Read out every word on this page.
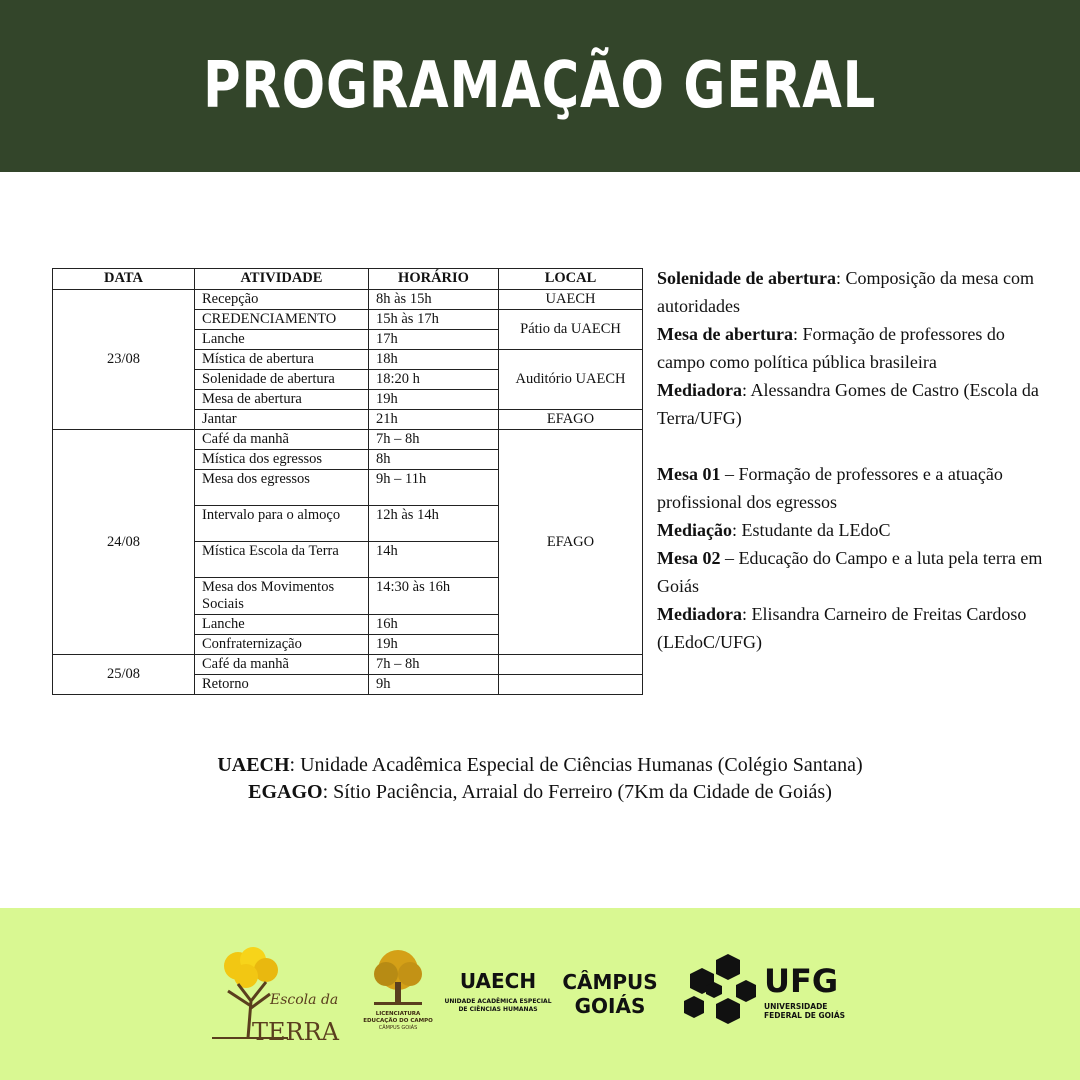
PROGRAMAÇÃO GERAL
DATA	ATIVIDADE	HORÁRIO	LOCAL
23/08	Recepção	8h às 15h	UAECH
	CREDENCIAMENTO	15h às 17h	Pátio da UAECH
	Lanche	17h	
	Mística de abertura	18h	Auditório UAECH
	Solenidade de abertura	18:20 h	
	Mesa de abertura	19h	
	Jantar	21h	EFAGO
24/08	Café da manhã	7h – 8h	EFAGO
	Mística dos egressos	8h	
	Mesa dos egressos	9h – 11h	
	Intervalo para o almoço	12h às 14h	
	Mística Escola da Terra	14h	
	Mesa dos Movimentos Sociais	14:30 às 16h	
	Lanche	16h	
	Confraternização	19h	
25/08	Café da manhã	7h – 8h	
	Retorno	9h	

Solenidade de abertura: Composição da mesa com autoridades

Mesa de abertura: Formação de professores do campo como política pública brasileira

Mediadora: Alessandra Gomes de Castro (Escola da Terra/UFG)

Mesa 01 – Formação de professores e a atuação profissional dos egressos

Mediação: Estudante da LEdoC

Mesa 02 – Educação do Campo e a luta pela terra em Goiás

Mediadora: Elisandra Carneiro de Freitas Cardoso (LEdoC/UFG)

UAECH: Unidade Acadêmica Especial de Ciências Humanas (Colégio Santana)

EGAGO: Sítio Paciência, Arraial do Ferreiro (7Km da Cidade de Goiás)

Escola da
TERRA
LICENCIATURA
EDUCAÇÃO DO CAMPO
CÂMPUS GOIÁS
UAECH
UNIDADE ACADÊMICA ESPECIAL
DE CIÊNCIAS HUMANAS
CÂMPUS
GOIÁS
UFG
UNIVERSIDADE
FEDERAL DE GOIÁS
